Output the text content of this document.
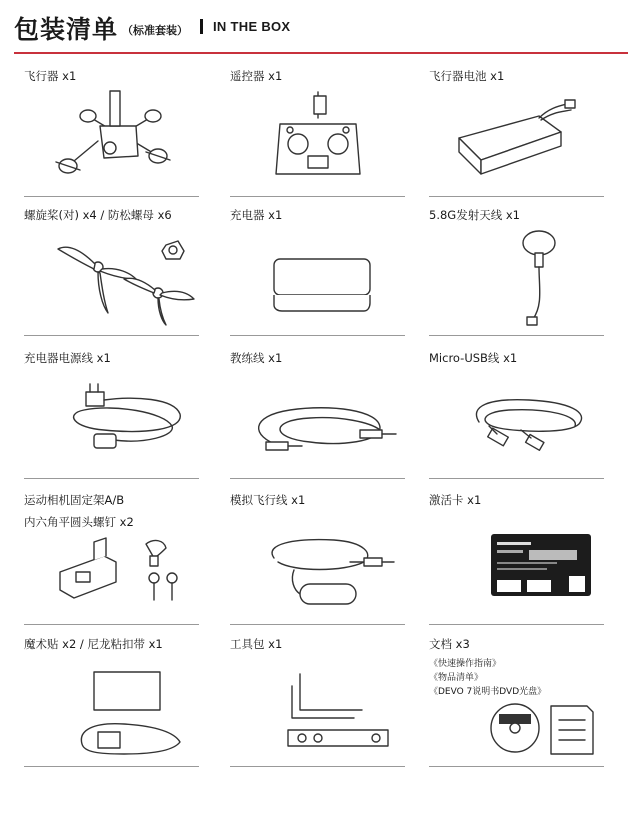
包装清单 （标准套装） IN THE BOX
飞行器 x1	遥控器 x1	飞行器电池 x1
螺旋桨(对) x4 / 防松螺母 x6	充电器 x1	5.8G发射天线 x1
充电器电源线 x1	教练线 x1	Micro-USB线 x1
运动相机固定架A/B
内六角平圆头螺钉 x2
模拟飞行线 x1	激活卡 x1
魔术贴 x2 / 尼龙粘扣带 x1	工具包 x1	文档 x3
《快速操作指南》
《物品清单》
《DEVO 7说明书DVD光盘》
